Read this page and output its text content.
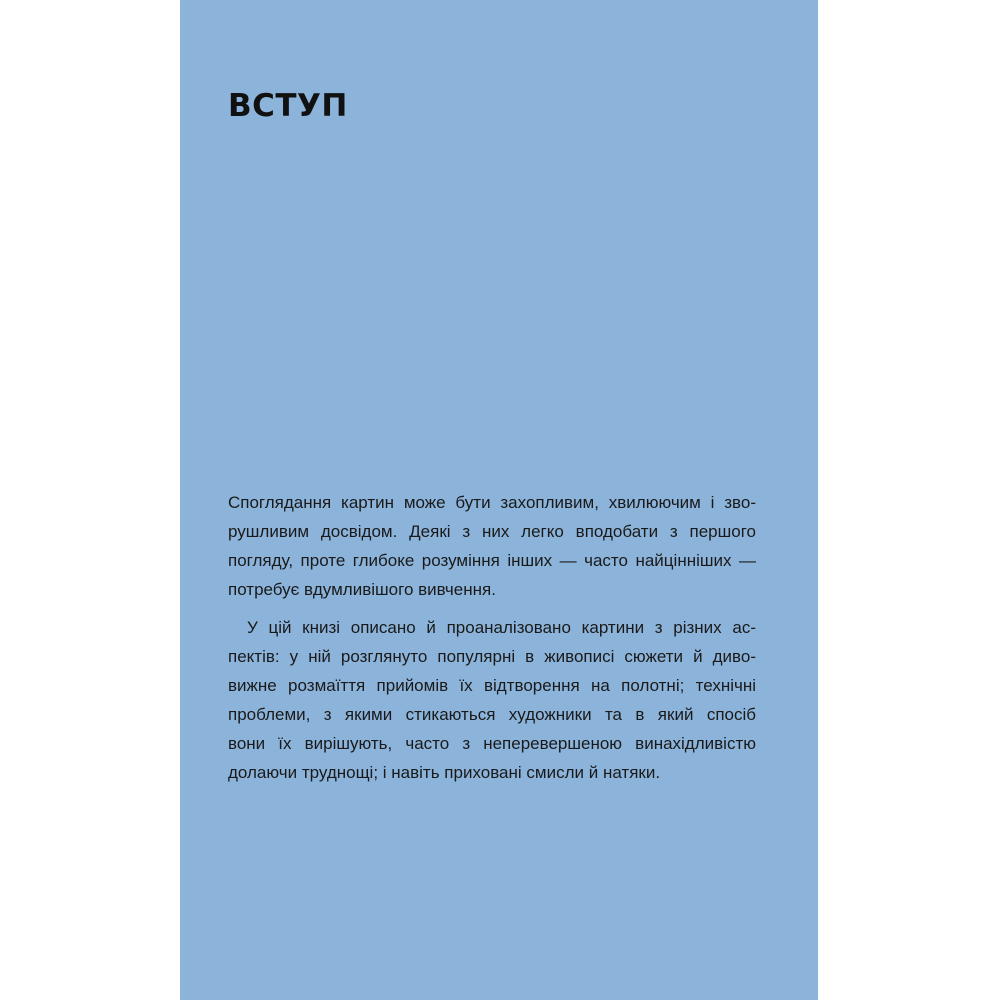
ВСТУП

Споглядання картин може бути захопливим, хвилюючим і зво-
рушливим досвідом. Деякі з них легко вподобати з першого
погляду, проте глибоке розуміння інших — часто найцінніших —
потребує вдумливішого вивчення.

У цій книзі описано й проаналізовано картини з різних ас-
пектів: у ній розглянуто популярні в живописі сюжети й диво-
вижне розмаїття прийомів їх відтворення на полотні; технічні
проблеми, з якими стикаються художники та в який спосіб
вони їх вирішують, часто з неперевершеною винахідливістю
долаючи труднощі; і навіть приховані смисли й натяки.
